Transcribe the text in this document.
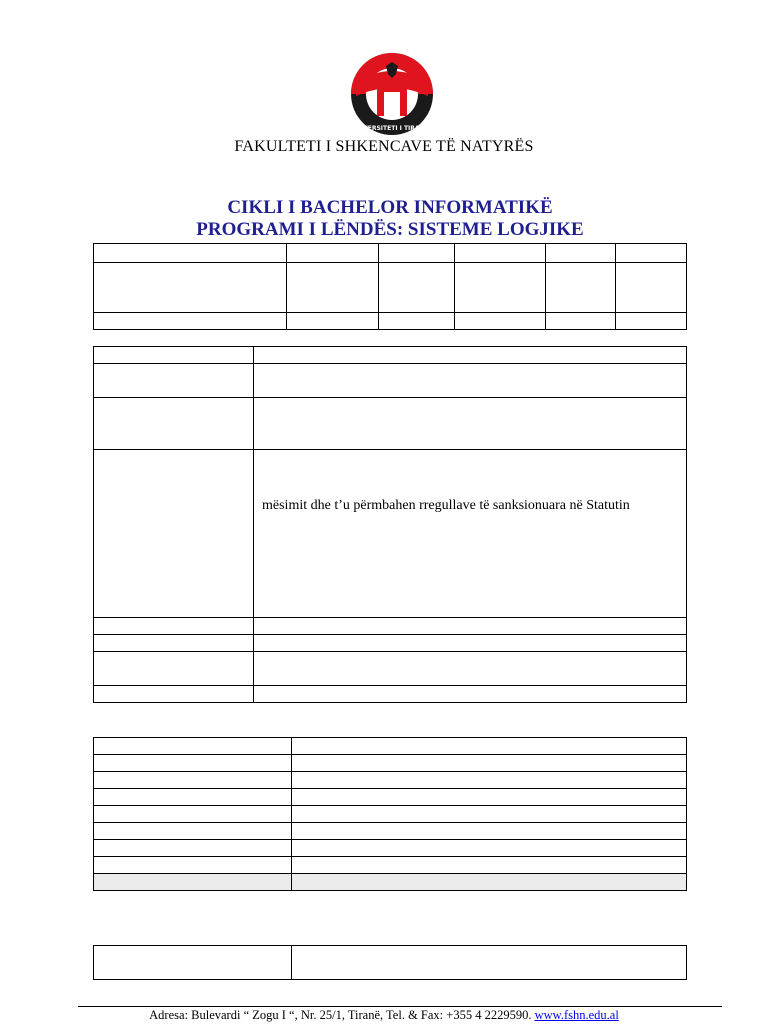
UNIVERSITETI I TIRANËS
FAKULTETI I SHKENCAVE TË NATYRËS
CIKLI I BACHELOR INFORMATIKË
PROGRAMI I LËNDËS: SISTEME LOGJIKE

	mësimit dhe t’u përmbahen rregullave të sanksionuara në Statutin

Adresa: Bulevardi “ Zogu I “, Nr. 25/1, Tiranë, Tel. & Fax: +355 4 2229590. www.fshn.edu.al
